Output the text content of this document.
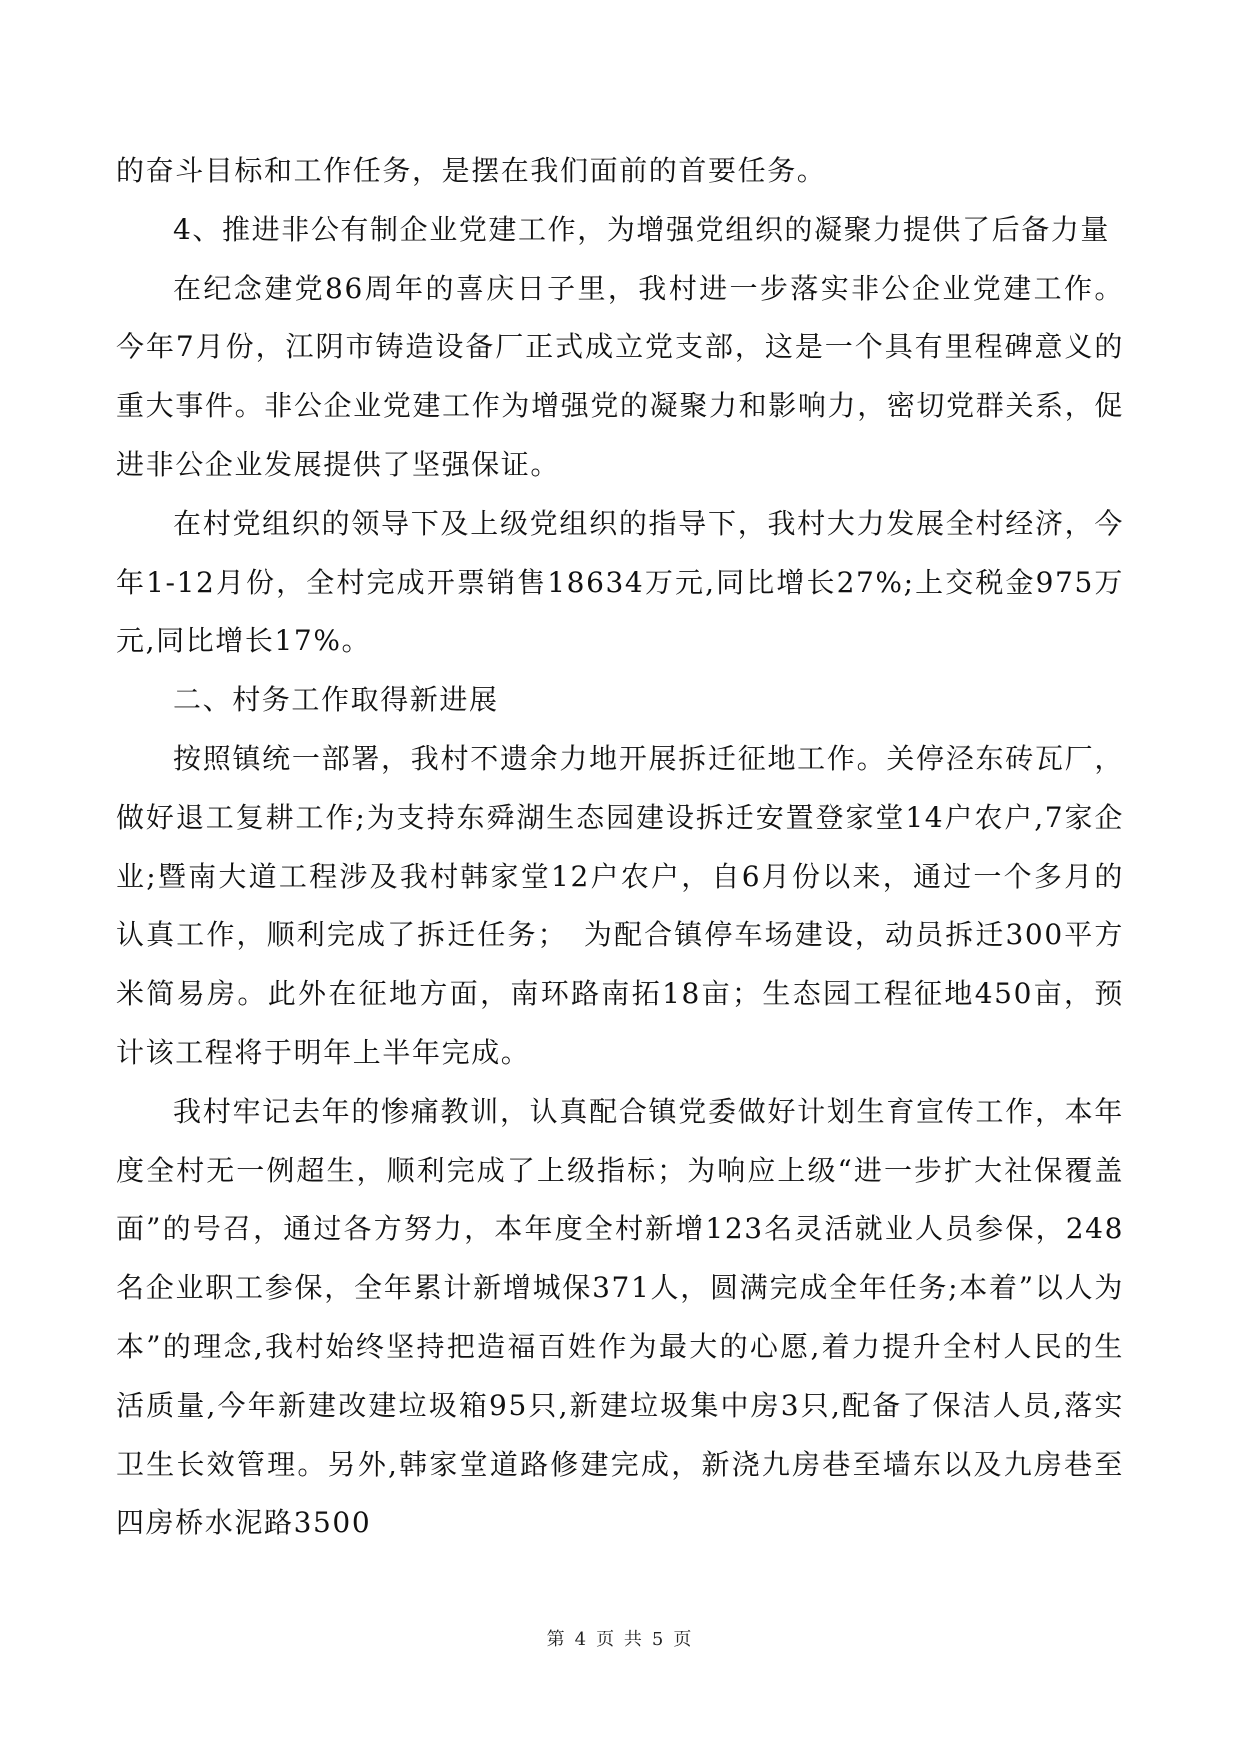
的奋斗目标和工作任务，是摆在我们面前的首要任务。

4、推进非公有制企业党建工作，为增强党组织的凝聚力提供了后备力量

在纪念建党86周年的喜庆日子里，我村进一步落实非公企业党建工作。今年7月份，江阴市铸造设备厂正式成立党支部，这是一个具有里程碑意义的重大事件。非公企业党建工作为增强党的凝聚力和影响力，密切党群关系，促进非公企业发展提供了坚强保证。

在村党组织的领导下及上级党组织的指导下，我村大力发展全村经济，今年1-12月份，全村完成开票销售18634万元,同比增长27%;上交税金975万元,同比增长17%。

二、村务工作取得新进展

按照镇统一部署，我村不遗余力地开展拆迁征地工作。关停泾东砖瓦厂，做好退工复耕工作;为支持东舜湖生态园建设拆迁安置登家堂14户农户,7家企业;暨南大道工程涉及我村韩家堂12户农户，自6月份以来，通过一个多月的认真工作，顺利完成了拆迁任务；　为配合镇停车场建设，动员拆迁300平方米简易房。此外在征地方面，南环路南拓18亩；生态园工程征地450亩，预计该工程将于明年上半年完成。

我村牢记去年的惨痛教训，认真配合镇党委做好计划生育宣传工作，本年度全村无一例超生，顺利完成了上级指标；为响应上级“进一步扩大社保覆盖面”的号召，通过各方努力，本年度全村新增123名灵活就业人员参保，248名企业职工参保，全年累计新增城保371人，圆满完成全年任务;本着”以人为本”的理念,我村始终坚持把造福百姓作为最大的心愿,着力提升全村人民的生活质量,今年新建改建垃圾箱95只,新建垃圾集中房3只,配备了保洁人员,落实卫生长效管理。另外,韩家堂道路修建完成，新浇九房巷至墙东以及九房巷至四房桥水泥路3500

第 4 页 共 5 页
